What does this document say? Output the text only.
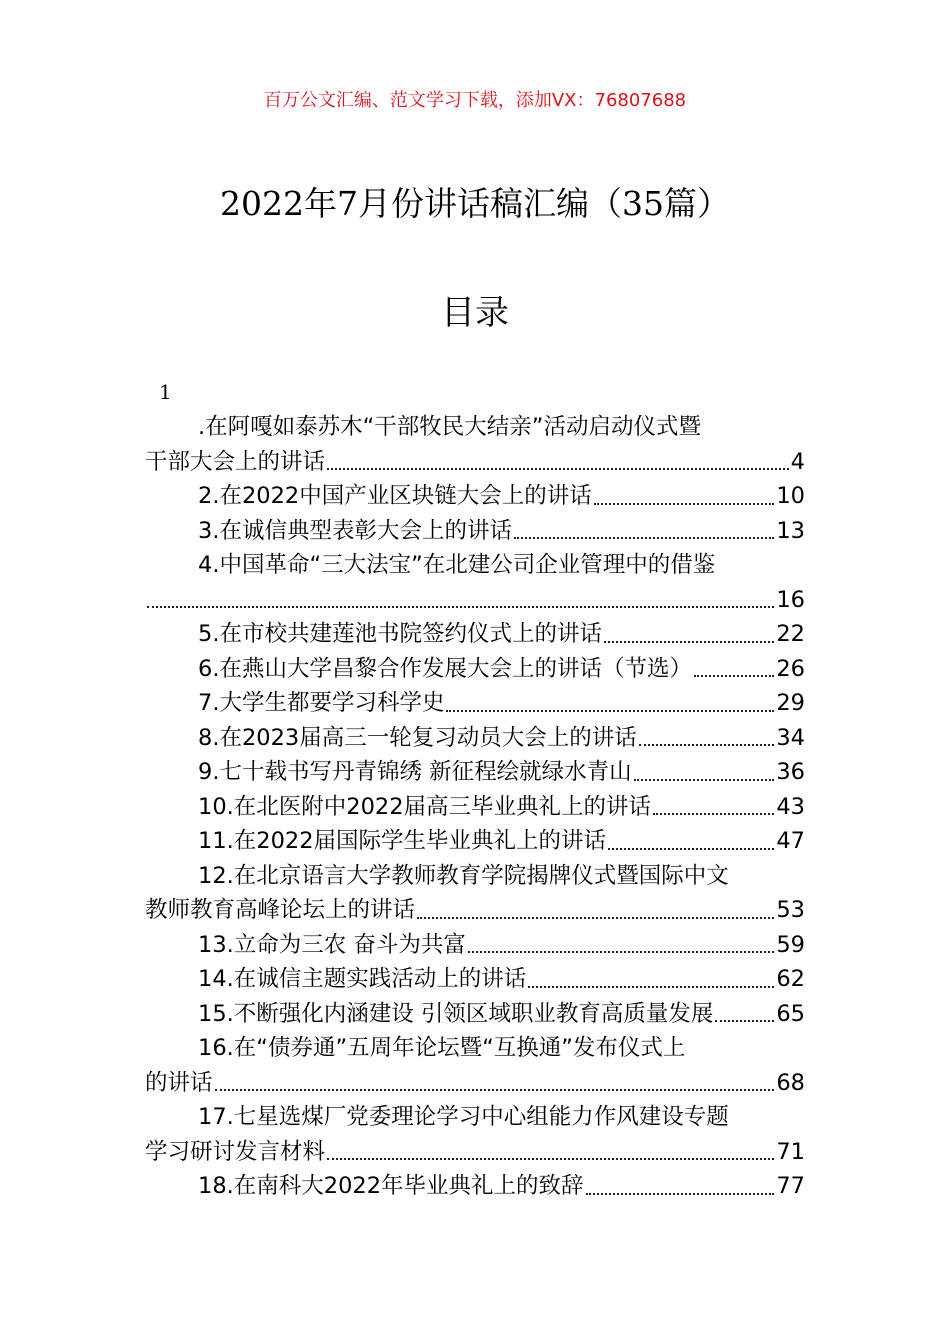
百万公文汇编、范文学习下载，添加VX：76807688
2022年7月份讲话稿汇编（35篇）
目录
1
.在阿嘎如泰苏木“干部牧民大结亲”活动启动仪式暨
干部大会上的讲话	4
2.在2022中国产业区块链大会上的讲话	10
3.在诚信典型表彰大会上的讲话	13
4.中国革命“三大法宝”在北建公司企业管理中的借鉴
16
5.在市校共建莲池书院签约仪式上的讲话	22
6.在燕山大学昌黎合作发展大会上的讲话（节选）	26
7.大学生都要学习科学史	29
8.在2023届高三一轮复习动员大会上的讲话	34
9.七十载书写丹青锦绣 新征程绘就绿水青山	36
10.在北医附中2022届高三毕业典礼上的讲话	43
11.在2022届国际学生毕业典礼上的讲话	47
12.在北京语言大学教师教育学院揭牌仪式暨国际中文
教师教育高峰论坛上的讲话	53
13.立命为三农 奋斗为共富	59
14.在诚信主题实践活动上的讲话	62
15.不断强化内涵建设 引领区域职业教育高质量发展	65
16.在“债券通”五周年论坛暨“互换通”发布仪式上
的讲话	68
17.七星选煤厂党委理论学习中心组能力作风建设专题
学习研讨发言材料	71
18.在南科大2022年毕业典礼上的致辞	77
